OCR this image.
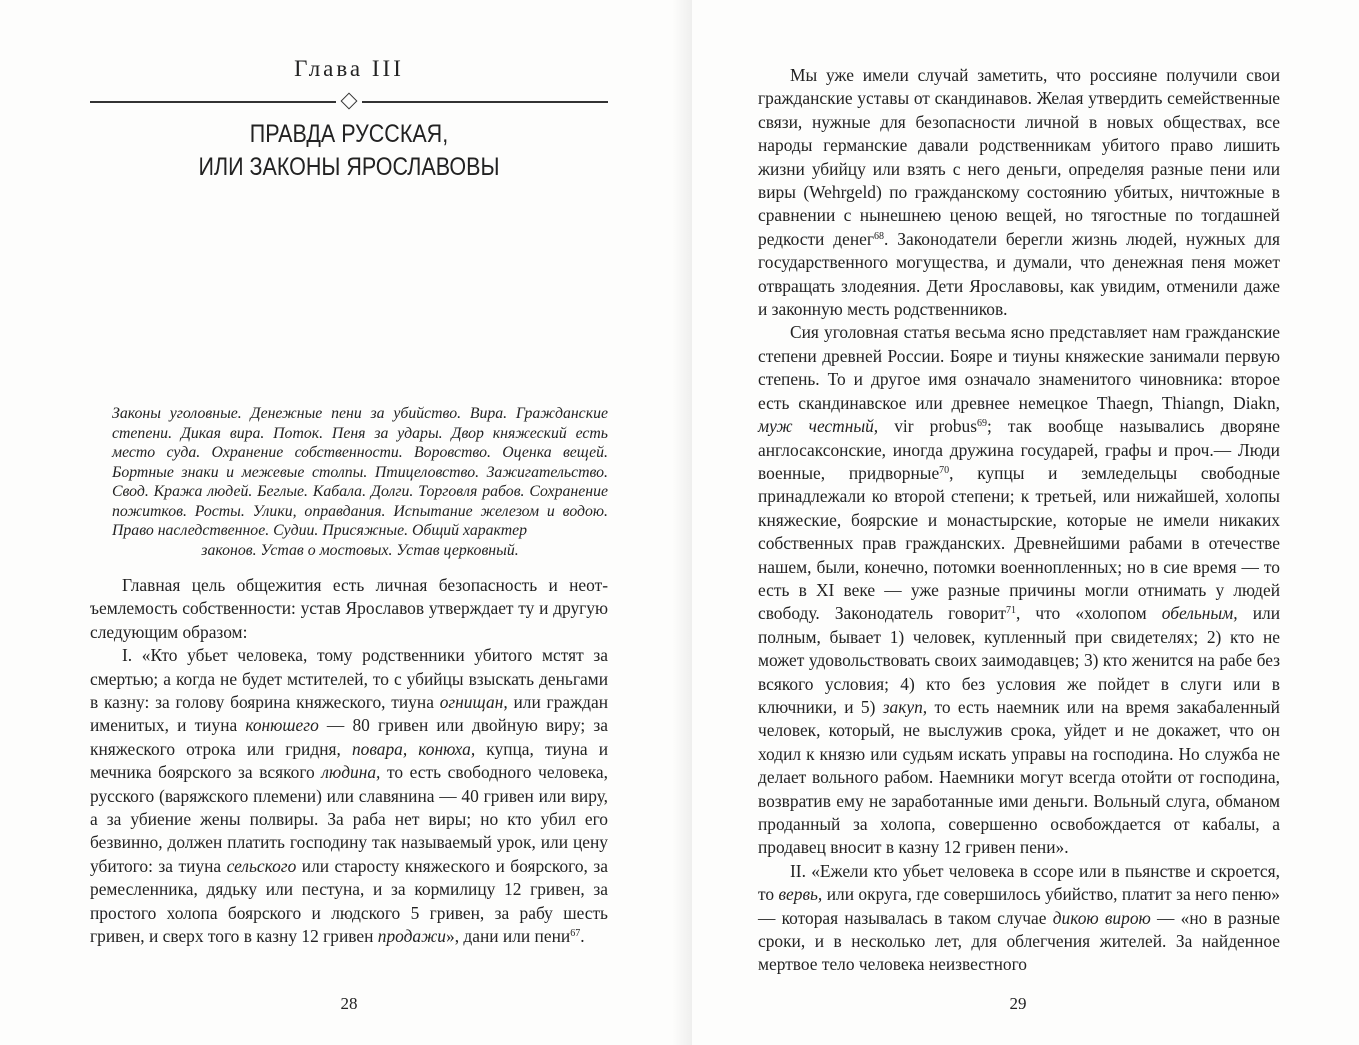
Глава III
ПРАВДА РУССКАЯ,
ИЛИ ЗАКОНЫ ЯРОСЛАВОВЫ
Законы уголовные. Денежные пени за убийство. Вира. Гражданские степени. Дикая вира. Поток. Пеня за удары. Двор княжеский есть место суда. Охранение собственности. Воровство. Оценка вещей. Бортные знаки и межевые столпы. Птицеловство. Зажигательство. Свод. Кража людей. Беглые. Кабала. Долги. Торговля рабов. Сохранение пожитков. Росты. Улики, оправдания. Испытание железом и водою. Право наследственное. Судии. Присяжные. Общий характер
законов. Устав о мостовых. Устав церковный.

Главная цель общежития есть личная безопасность и неотъемлемость собственности: устав Ярославов утверждает ту и другую следующим образом:

I. «Кто убьет человека, тому родственники убитого мстят за смертью; а когда не будет мстителей, то с убийцы взыскать деньгами в казну: за голову боярина княжеского, тиуна огнищан, или граждан именитых, и тиуна конюшего — 80 гривен или двойную виру; за княжеского отрока или гридня, повара, конюха, купца, тиуна и мечника боярского за всякого людина, то есть свободного человека, русского (варяжского племени) или славянина — 40 гривен или виру, а за убиение жены полвиры. За раба нет виры; но кто убил его безвинно, должен платить господину так называемый урок, или цену убитого: за тиуна сельского или старосту княжеского и боярского, за ремесленника, дядьку или пестуна, и за кормилицу 12 гривен, за простого холопа боярского и людского 5 гривен, за рабу шесть гривен, и сверх того в казну 12 гривен продажи», дани или пени$^{67}$.

28

Мы уже имели случай заметить, что россияне получили свои гражданские уставы от скандинавов. Желая утвердить семейственные связи, нужные для безопасности личной в новых обществах, все народы германские давали родственникам убитого право лишить жизни убийцу или взять с него деньги, определяя разные пени или виры (Wehrgeld) по гражданскому состоянию убитых, ничтожные в сравнении с нынешнею ценою вещей, но тягостные по тогдашней редкости денег$^{68}$. Законодатели берегли жизнь людей, нужных для государственного могущества, и думали, что денежная пеня может отвращать злодеяния. Дети Ярославовы, как увидим, отменили даже и законную месть родственников.

Сия уголовная статья весьма ясно представляет нам гражданские степени древней России. Бояре и тиуны княжеские занимали первую степень. То и другое имя означало знаменитого чиновника: второе есть скандинавское или древнее немецкое Thaegn, Thiangn, Diakn, муж честный, vir probus$^{69}$; так вообще назывались дворяне англосаксонские, иногда дружина государей, графы и проч.— Люди военные, придворные$^{70}$, купцы и земледельцы свободные принадлежали ко второй степени; к третьей, или нижайшей, холопы княжеские, боярские и монастырские, которые не имели никаких собственных прав гражданских. Древнейшими рабами в отечестве нашем, были, конечно, потомки военнопленных; но в сие время — то есть в XI веке — уже разные причины могли отнимать у людей свободу. Законодатель говорит$^{71}$, что «холопом обельным, или полным, бывает 1) человек, купленный при свидетелях; 2) кто не может удовольствовать своих заимодавцев; 3) кто женится на рабе без всякого условия; 4) кто без условия же пойдет в слуги или в ключники, и 5) закуп, то есть наемник или на время закабаленный человек, который, не выслужив срока, уйдет и не докажет, что он ходил к князю или судьям искать управы на господина. Но служба не делает вольного рабом. Наемники могут всегда отойти от господина, возвратив ему не заработанные ими деньги. Вольный слуга, обманом проданный за холопа, совершенно освобождается от кабалы, а продавец вносит в казну 12 гривен пени».

II. «Ежели кто убьет человека в ссоре или в пьянстве и скроется, то вервь, или округа, где совершилось убийство, платит за него пеню» — которая называлась в таком случае дикою вирою — «но в разные сроки, и в несколько лет, для облегчения жителей. За найденное мертвое тело человека неизвестного

29
